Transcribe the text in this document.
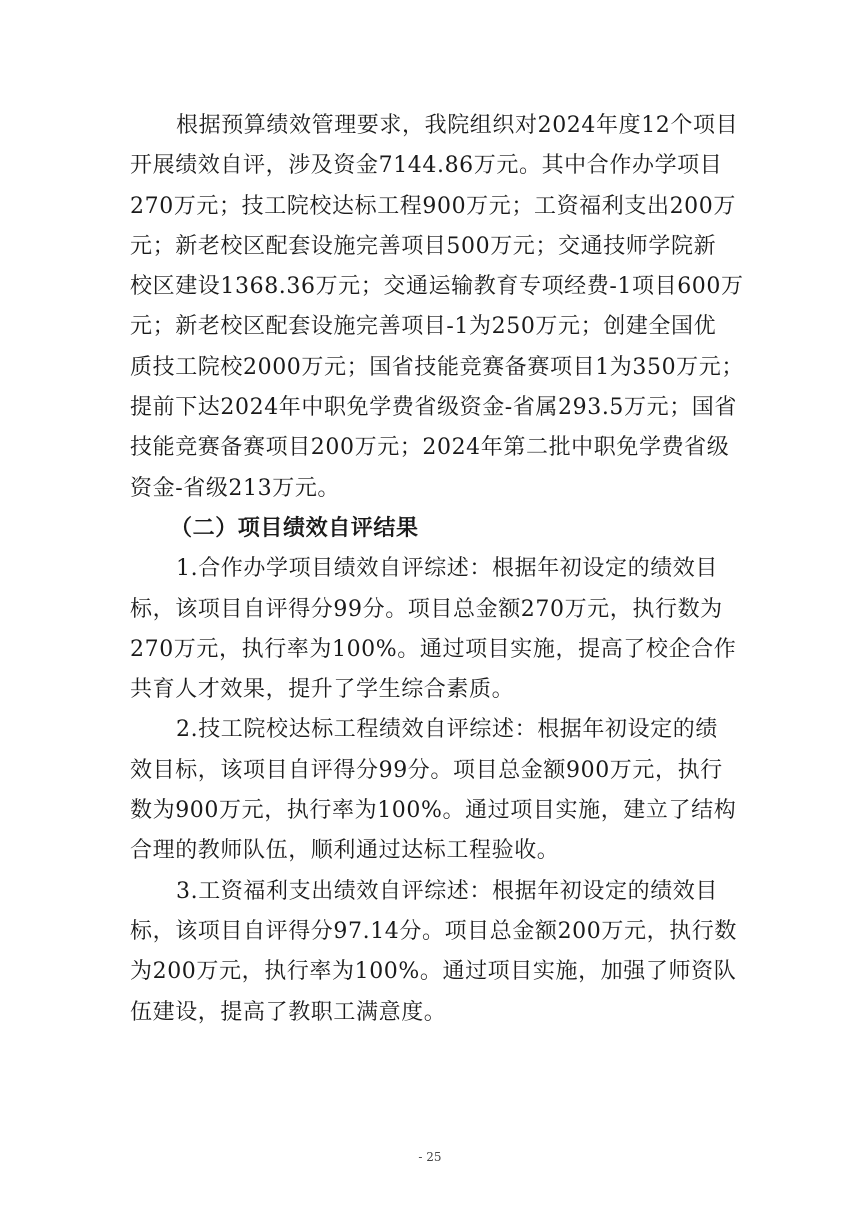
根据预算绩效管理要求，我院组织对2024年度12个项目
开展绩效自评，涉及资金7144.86万元。其中合作办学项目
270万元；技工院校达标工程900万元；工资福利支出200万
元；新老校区配套设施完善项目500万元；交通技师学院新
校区建设1368.36万元；交通运输教育专项经费-1项目600万
元；新老校区配套设施完善项目-1为250万元；创建全国优
质技工院校2000万元；国省技能竞赛备赛项目1为350万元；
提前下达2024年中职免学费省级资金-省属293.5万元；国省
技能竞赛备赛项目200万元；2024年第二批中职免学费省级
资金-省级213万元。
（二）项目绩效自评结果
1.合作办学项目绩效自评综述：根据年初设定的绩效目
标，该项目自评得分99分。项目总金额270万元，执行数为
270万元，执行率为100%。通过项目实施，提高了校企合作
共育人才效果，提升了学生综合素质。
2.技工院校达标工程绩效自评综述：根据年初设定的绩
效目标，该项目自评得分99分。项目总金额900万元，执行
数为900万元，执行率为100%。通过项目实施，建立了结构
合理的教师队伍，顺利通过达标工程验收。
3.工资福利支出绩效自评综述：根据年初设定的绩效目
标，该项目自评得分97.14分。项目总金额200万元，执行数
为200万元，执行率为100%。通过项目实施，加强了师资队
伍建设，提高了教职工满意度。
- 25
